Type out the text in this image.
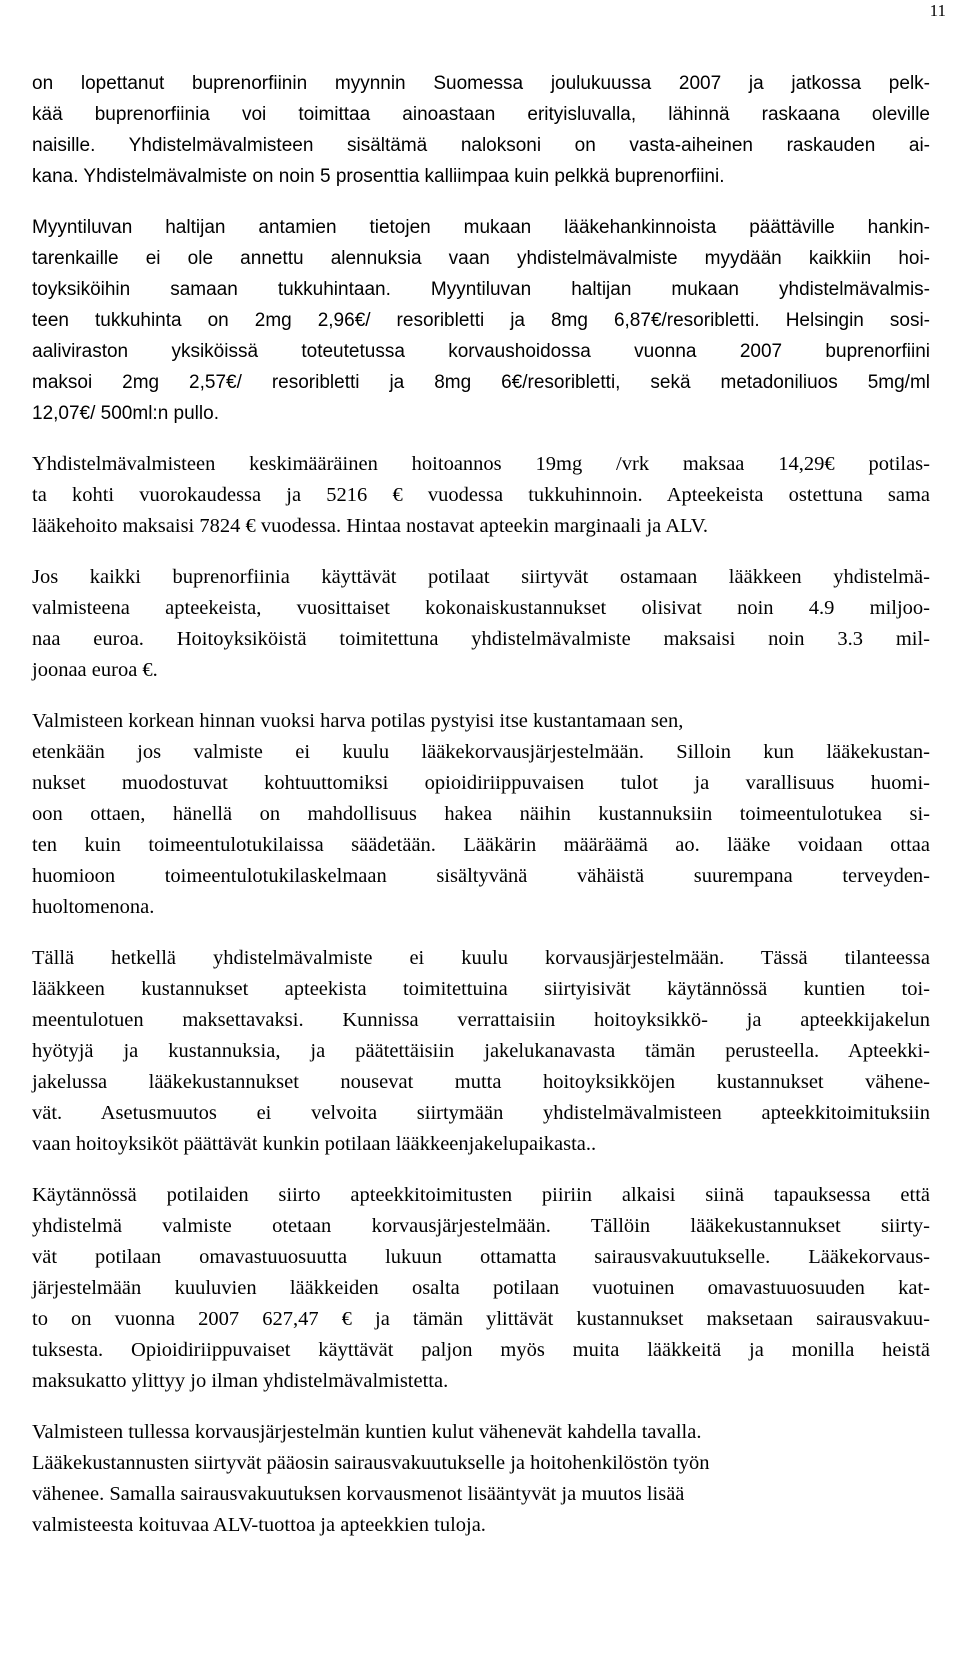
11
on lopettanut buprenorfiinin myynnin Suomessa joulukuussa 2007 ja jatkossa pelk-
kää buprenorfiinia voi toimittaa ainoastaan erityisluvalla, lähinnä raskaana oleville
naisille. Yhdistelmävalmisteen sisältämä naloksoni on vasta-aiheinen raskauden ai-
kana. Yhdistelmävalmiste on noin 5 prosenttia kalliimpaa kuin pelkkä buprenorfiini.
Myyntiluvan haltijan antamien tietojen mukaan lääkehankinnoista päättäville hankin-
tarenkaille ei ole annettu alennuksia vaan yhdistelmävalmiste myydään kaikkiin hoi-
toyksiköihin samaan tukkuhintaan. Myyntiluvan haltijan mukaan yhdistelmävalmis-
teen tukkuhinta on 2mg 2,96€/ resoribletti ja 8mg 6,87€/resoribletti. Helsingin sosi-
aaliviraston yksiköissä toteutetussa korvaushoidossa vuonna 2007 buprenorfiini
maksoi 2mg 2,57€/ resoribletti ja 8mg 6€/resoribletti, sekä metadoniliuos 5mg/ml
12,07€/ 500ml:n pullo.
Yhdistelmävalmisteen keskimääräinen hoitoannos 19mg /vrk maksaa 14,29€ potilas-
ta kohti vuorokaudessa ja 5216 € vuodessa tukkuhinnoin. Apteekeista ostettuna sama
lääkehoito maksaisi 7824 € vuodessa. Hintaa nostavat apteekin marginaali ja ALV.
Jos kaikki buprenorfiinia käyttävät potilaat siirtyvät ostamaan lääkkeen yhdistelmä-
valmisteena apteekeista, vuosittaiset kokonaiskustannukset olisivat noin 4.9 miljoo-
naa euroa. Hoitoyksiköistä toimitettuna yhdistelmävalmiste maksaisi noin 3.3 mil-
joonaa euroa €.
Valmisteen korkean hinnan vuoksi harva potilas pystyisi itse kustantamaan sen,
etenkään jos valmiste ei kuulu lääkekorvausjärjestelmään. Silloin kun lääkekustan-
nukset muodostuvat kohtuuttomiksi opioidiriippuvaisen tulot ja varallisuus huomi-
oon ottaen, hänellä on mahdollisuus hakea näihin kustannuksiin toimeentulotukea si-
ten kuin toimeentulotukilaissa säädetään. Lääkärin määräämä ao. lääke voidaan ottaa
huomioon toimeentulotukilaskelmaan sisältyvänä vähäistä suurempana terveyden-
huoltomenona.
Tällä hetkellä yhdistelmävalmiste ei kuulu korvausjärjestelmään. Tässä tilanteessa
lääkkeen kustannukset apteekista toimitettuina siirtyisivät käytännössä kuntien toi-
meentulotuen maksettavaksi. Kunnissa verrattaisiin hoitoyksikkö- ja apteekkijakelun
hyötyjä ja kustannuksia, ja päätettäisiin jakelukanavasta tämän perusteella. Apteekki-
jakelussa lääkekustannukset nousevat mutta hoitoyksikköjen kustannukset vähene-
vät. Asetusmuutos ei velvoita siirtymään yhdistelmävalmisteen apteekkitoimituksiin
vaan hoitoyksiköt päättävät kunkin potilaan lääkkeenjakelupaikasta..
Käytännössä potilaiden siirto apteekkitoimitusten piiriin alkaisi siinä tapauksessa että
yhdistelmä valmiste otetaan korvausjärjestelmään. Tällöin lääkekustannukset siirty-
vät potilaan omavastuuosuutta lukuun ottamatta sairausvakuutukselle. Lääkekorvaus-
järjestelmään kuuluvien lääkkeiden osalta potilaan vuotuinen omavastuuosuuden kat-
to on vuonna 2007 627,47 € ja tämän ylittävät kustannukset maksetaan sairausvakuu-
tuksesta. Opioidiriippuvaiset käyttävät paljon myös muita lääkkeitä ja monilla heistä
maksukatto ylittyy jo ilman yhdistelmävalmistetta.
Valmisteen tullessa korvausjärjestelmän kuntien kulut vähenevät kahdella tavalla.
Lääkekustannusten siirtyvät pääosin sairausvakuutukselle ja hoitohenkilöstön työn
vähenee. Samalla sairausvakuutuksen korvausmenot lisääntyvät ja muutos lisää
valmisteesta koituvaa ALV-tuottoa ja apteekkien tuloja.
